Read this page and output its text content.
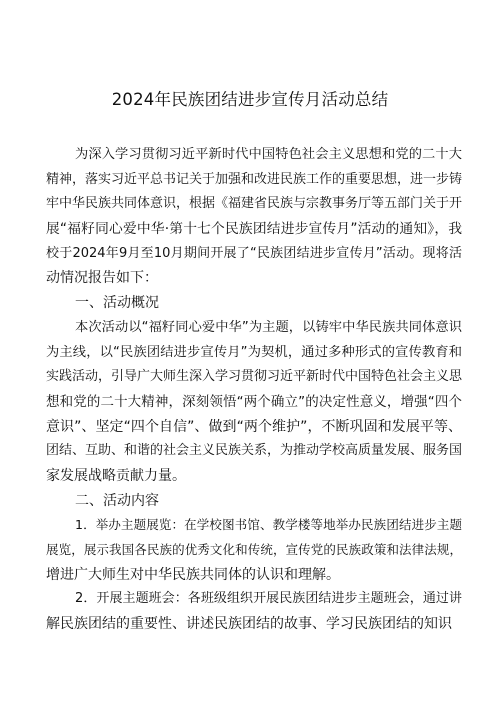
2024年民族团结进步宣传月活动总结
为深入学习贯彻习近平新时代中国特色社会主义思想和党的二十大
精神，落实习近平总书记关于加强和改进民族工作的重要思想，进一步铸
牢中华民族共同体意识，根据《福建省民族与宗教事务厅等五部门关于开
展“福籽同心爱中华·第十七个民族团结进步宣传月”活动的通知》，我
校于2024年9月至10月期间开展了“民族团结进步宣传月”活动。现将活
动情况报告如下：
一、活动概况
本次活动以“福籽同心爱中华”为主题，以铸牢中华民族共同体意识
为主线，以“民族团结进步宣传月”为契机，通过多种形式的宣传教育和
实践活动，引导广大师生深入学习贯彻习近平新时代中国特色社会主义思
想和党的二十大精神，深刻领悟“两个确立”的决定性意义，增强“四个
意识”、坚定“四个自信”、做到“两个维护”，不断巩固和发展平等、
团结、互助、和谐的社会主义民族关系，为推动学校高质量发展、服务国
家发展战略贡献力量。
二、活动内容
1．举办主题展览：在学校图书馆、教学楼等地举办民族团结进步主题
展览，展示我国各民族的优秀文化和传统，宣传党的民族政策和法律法规，
增进广大师生对中华民族共同体的认识和理解。
2．开展主题班会：各班级组织开展民族团结进步主题班会，通过讲
解民族团结的重要性、讲述民族团结的故事、学习民族团结的知识
